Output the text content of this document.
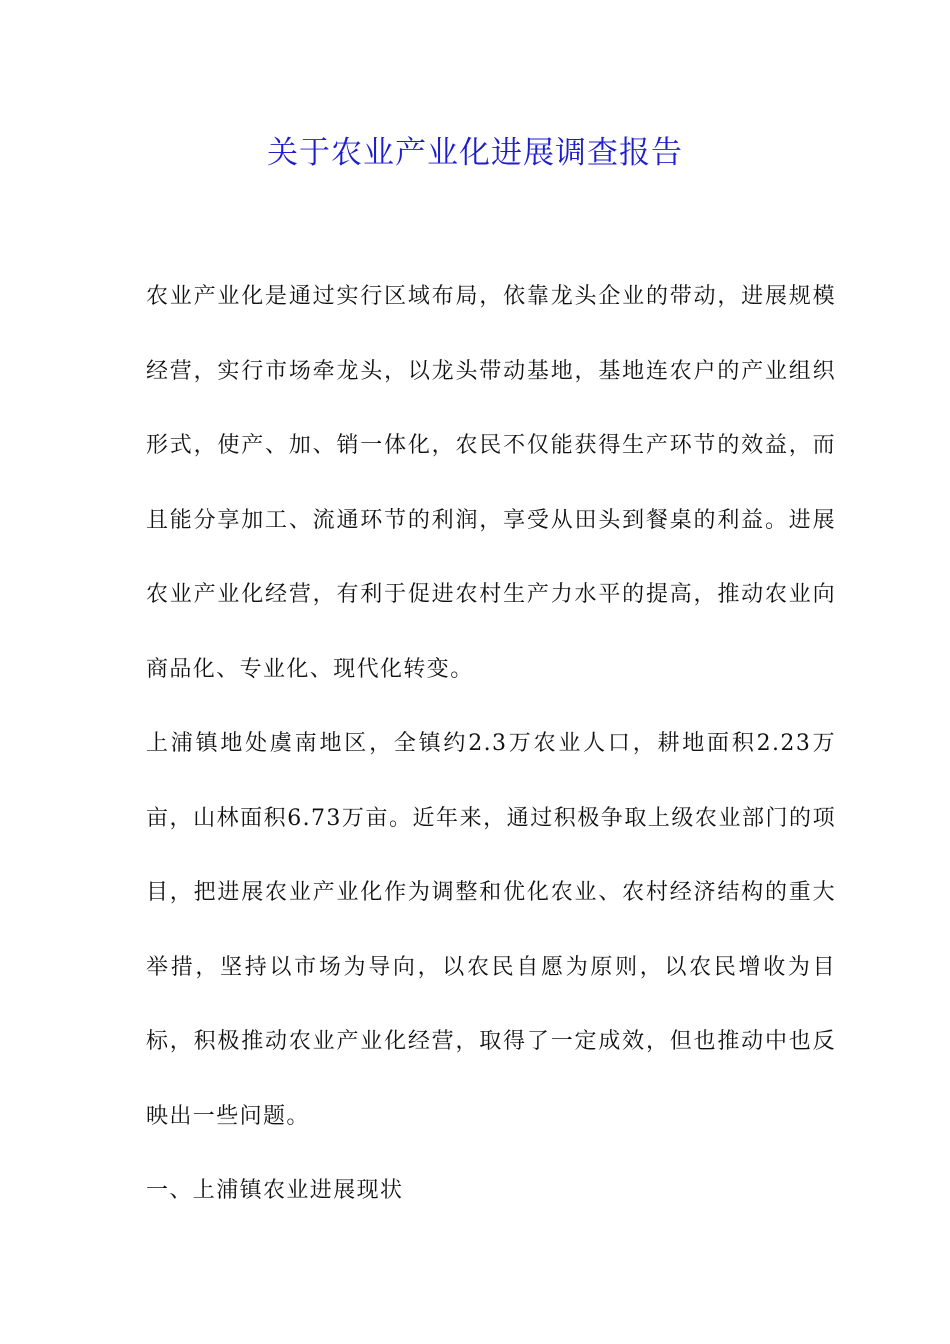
关于农业产业化进展调查报告

农业产业化是通过实行区域布局，依靠龙头企业的带动，进展规模经营，实行市场牵龙头，以龙头带动基地，基地连农户的产业组织形式，使产、加、销一体化，农民不仅能获得生产环节的效益，而且能分享加工、流通环节的利润，享受从田头到餐桌的利益。进展农业产业化经营，有利于促进农村生产力水平的提高，推动农业向商品化、专业化、现代化转变。

上浦镇地处虞南地区，全镇约2.3万农业人口，耕地面积2.23万亩，山林面积6.73万亩。近年来，通过积极争取上级农业部门的项目，把进展农业产业化作为调整和优化农业、农村经济结构的重大举措，坚持以市场为导向，以农民自愿为原则，以农民增收为目标，积极推动农业产业化经营，取得了一定成效，但也推动中也反映出一些问题。

一、上浦镇农业进展现状
